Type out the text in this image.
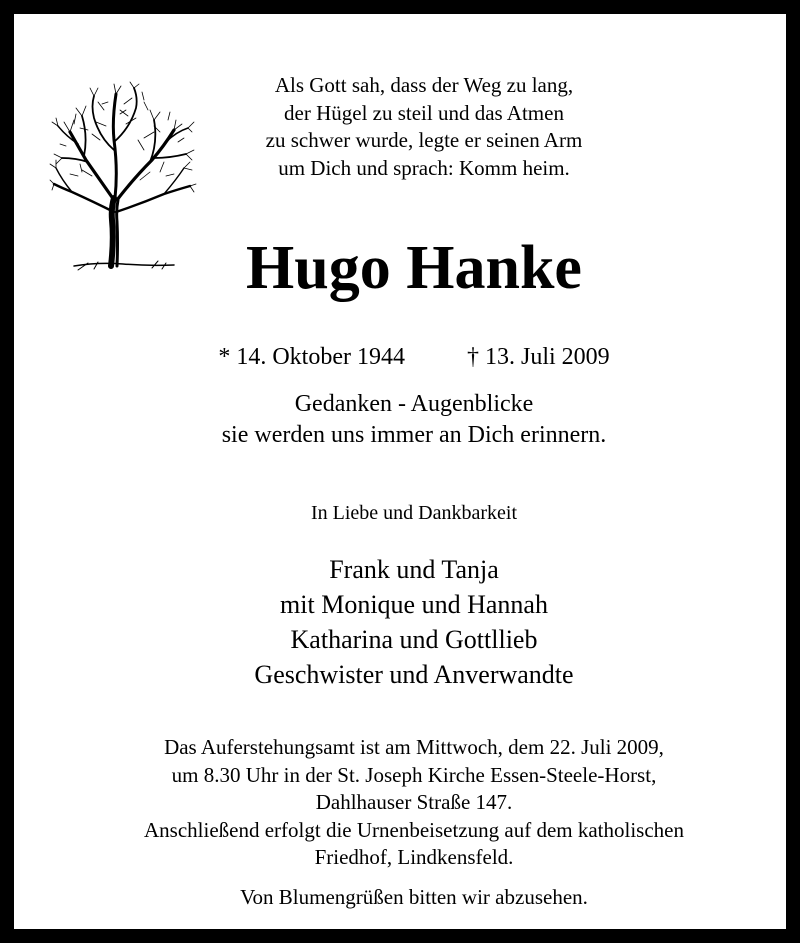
Als Gott sah, dass der Weg zu lang,
der Hügel zu steil und das Atmen
zu schwer wurde, legte er seinen Arm
um Dich und sprach: Komm heim.
Hugo Hanke
* 14. Oktober 1944	† 13. Juli 2009
Gedanken - Augenblicke
sie werden uns immer an Dich erinnern.
In Liebe und Dankbarkeit
Frank und Tanja
mit Monique und Hannah
Katharina und Gottllieb
Geschwister und Anverwandte
Das Auferstehungsamt ist am Mittwoch, dem 22. Juli 2009,
um 8.30 Uhr in der St. Joseph Kirche Essen-Steele-Horst,
Dahlhauser Straße 147.
Anschließend erfolgt die Urnenbeisetzung auf dem katholischen
Friedhof, Lindkensfeld.
Von Blumengrüßen bitten wir abzusehen.
